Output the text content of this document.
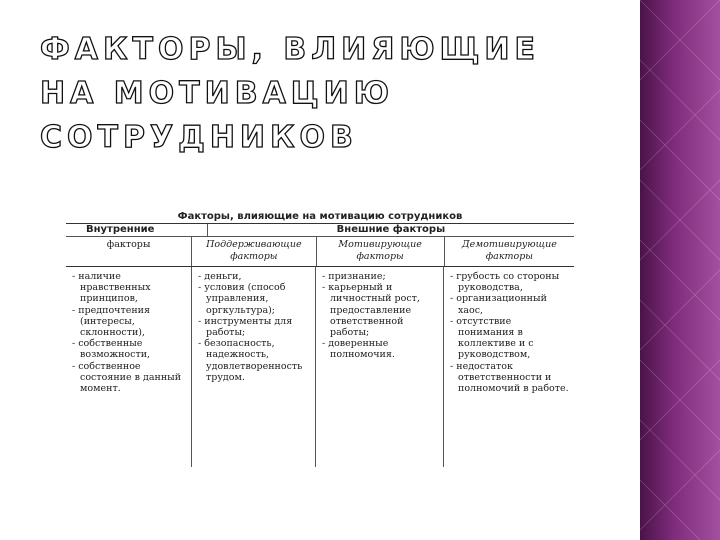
ФАКТОРЫ, ВЛИЯЮЩИЕ НА МОТИВАЦИЮ СОТРУДНИКОВ
Факторы, влияющие на мотивацию сотрудников
Внутренние	Внешние факторы
факторы	Поддерживающие факторы
Мотивирующие факторы
Демотивирующие факторы
- наличие нравственных принципов,
- предпочтения (интересы, склонности),
- собственные возможности,
- собственное состояние в данный момент.
- деньги,
- условия (способ управления, оргкультура);
- инструменты для работы;
- безопасность, надежность, удовлетворенность трудом.
- признание;
- карьерный и личностный рост, предоставление ответственной работы;
- доверенные полномочия.
- грубость со стороны руководства,
- организационный хаос,
- отсутствие понимания в коллективе и с руководством,
- недостаток ответственности и полномочий в работе.
